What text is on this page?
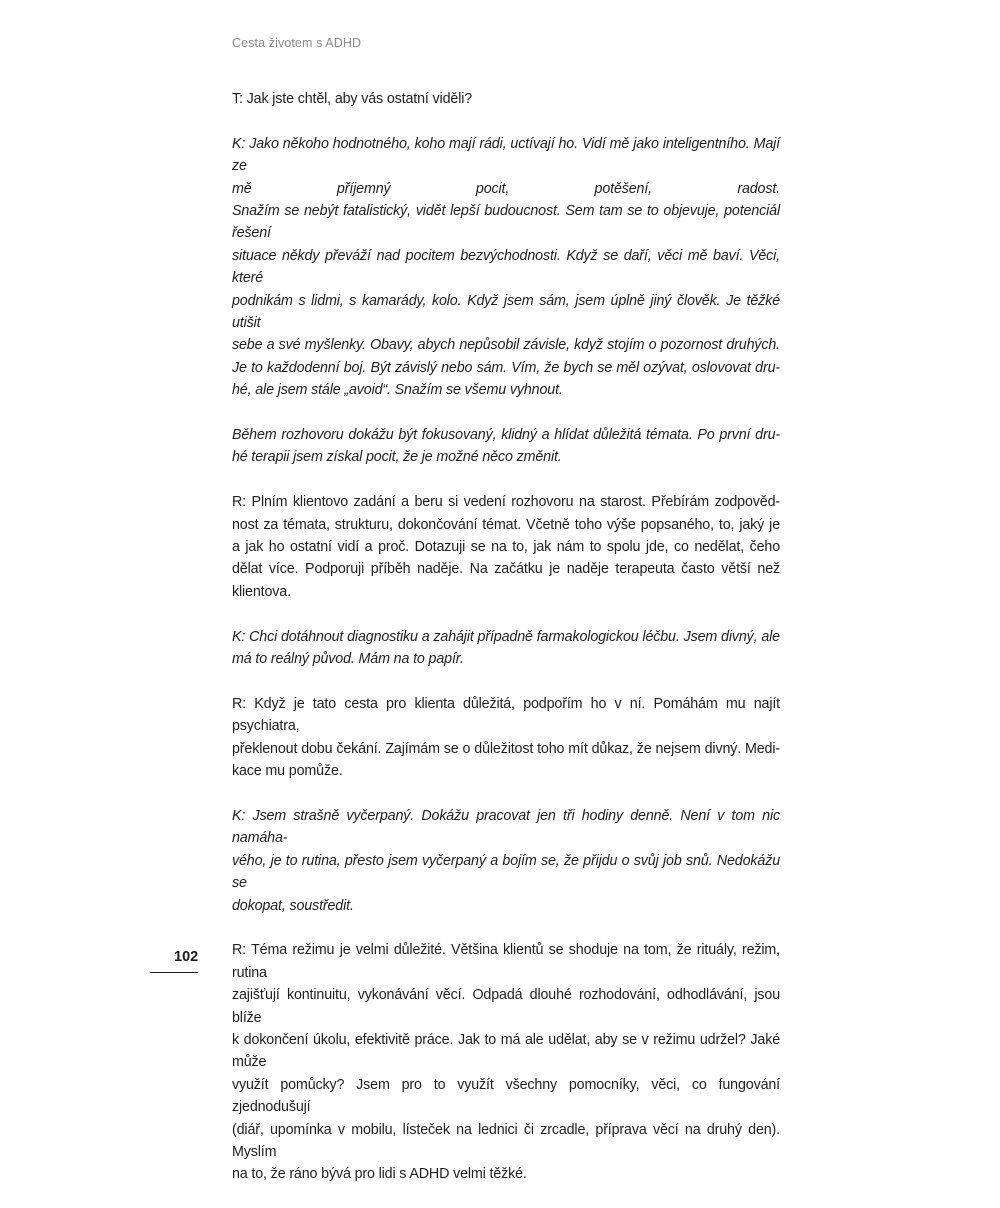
Cesta životem s ADHD

T: Jak jste chtěl, aby vás ostatní viděli?

K: Jako někoho hodnotného, koho mají rádi, uctívají ho. Vidí mě jako inteligentního. Mají ze
mě příjemný pocit, potěšení, radost.
Snažím se nebýt fatalistický, vidět lepší budoucnost. Sem tam se to objevuje, potenciál řešení
situace někdy převáží nad pocitem bezvýchodnosti. Když se daří, věci mě baví. Věci, které
podnikám s lidmi, s kamarády, kolo. Když jsem sám, jsem úplně jiný člověk. Je těžké utišit
sebe a své myšlenky. Obavy, abych nepůsobil závisle, když stojím o pozornost druhých.
Je to každodenní boj. Být závislý nebo sám. Vím, že bych se měl ozývat, oslovovat dru-
hé, ale jsem stále „avoid“. Snažím se všemu vyhnout.

Během rozhovoru dokážu být fokusovaný, klidný a hlídat důležitá témata. Po první dru-
hé terapii jsem získal pocit, že je možné něco změnit.

R: Plním klientovo zadání a beru si vedení rozhovoru na starost. Přebírám zodpověd-
nost za témata, strukturu, dokončování témat. Včetně toho výše popsaného, to, jaký je
a jak ho ostatní vidí a proč. Dotazuji se na to, jak nám to spolu jde, co nedělat, čeho
dělat více. Podporuji příběh naděje. Na začátku je naděje terapeuta často větší než
klientova.

K: Chci dotáhnout diagnostiku a zahájit případně farmakologickou léčbu. Jsem divný, ale
má to reálný původ. Mám na to papír.

R: Když je tato cesta pro klienta důležitá, podpořím ho v ní. Pomáhám mu najít psychiatra,
překlenout dobu čekání. Zajímám se o důležitost toho mít důkaz, že nejsem divný. Medi-
kace mu pomůže.

K: Jsem strašně vyčerpaný. Dokážu pracovat jen tři hodiny denně. Není v tom nic namáha-
vého, je to rutina, přesto jsem vyčerpaný a bojím se, že přijdu o svůj job snů. Nedokážu se
dokopat, soustředit.

R: Téma režimu je velmi důležité. Většina klientů se shoduje na tom, že rituály, režim, rutina
zajišťují kontinuitu, vykonávání věcí. Odpadá dlouhé rozhodování, odhodlávání, jsou blíže
k dokončení úkolu, efektivitě práce. Jak to má ale udělat, aby se v režimu udržel? Jaké může
využít pomůcky? Jsem pro to využít všechny pomocníky, věci, co fungování zjednodušují
(diář, upomínka v mobilu, lísteček na lednici či zrcadle, příprava věcí na druhý den). Myslím
na to, že ráno bývá pro lidi s ADHD velmi těžké.

102
